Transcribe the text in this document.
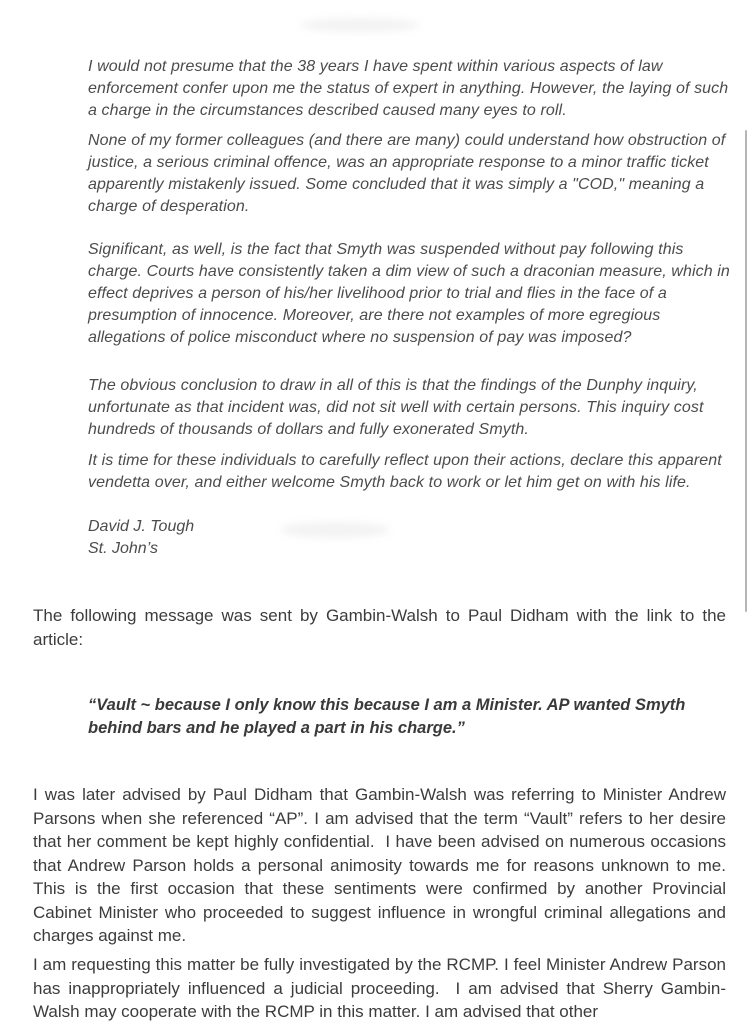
I would not presume that the 38 years I have spent within various aspects of law enforcement confer upon me the status of expert in anything. However, the laying of such a charge in the circumstances described caused many eyes to roll.

None of my former colleagues (and there are many) could understand how obstruction of justice, a serious criminal offence, was an appropriate response to a minor traffic ticket apparently mistakenly issued. Some concluded that it was simply a "COD," meaning a charge of desperation.

Significant, as well, is the fact that Smyth was suspended without pay following this charge. Courts have consistently taken a dim view of such a draconian measure, which in effect deprives a person of his/her livelihood prior to trial and flies in the face of a presumption of innocence. Moreover, are there not examples of more egregious allegations of police misconduct where no suspension of pay was imposed?

The obvious conclusion to draw in all of this is that the findings of the Dunphy inquiry, unfortunate as that incident was, did not sit well with certain persons. This inquiry cost hundreds of thousands of dollars and fully exonerated Smyth.

It is time for these individuals to carefully reflect upon their actions, declare this apparent vendetta over, and either welcome Smyth back to work or let him get on with his life.

David J. Tough
St. John’s

The following message was sent by Gambin-Walsh to Paul Didham with the link to the article:

“Vault ~ because I only know this because I am a Minister. AP wanted Smyth behind bars and he played a part in his charge.”

I was later advised by Paul Didham that Gambin-Walsh was referring to Minister Andrew Parsons when she referenced “AP”. I am advised that the term “Vault” refers to her desire that her comment be kept highly confidential.  I have been advised on numerous occasions that Andrew Parson holds a personal animosity towards me for reasons unknown to me. This is the first occasion that these sentiments were confirmed by another Provincial Cabinet Minister who proceeded to suggest influence in wrongful criminal allegations and charges against me.

I am requesting this matter be fully investigated by the RCMP. I feel Minister Andrew Parson has inappropriately influenced a judicial proceeding.  I am advised that Sherry Gambin-Walsh may cooperate with the RCMP in this matter. I am advised that other
